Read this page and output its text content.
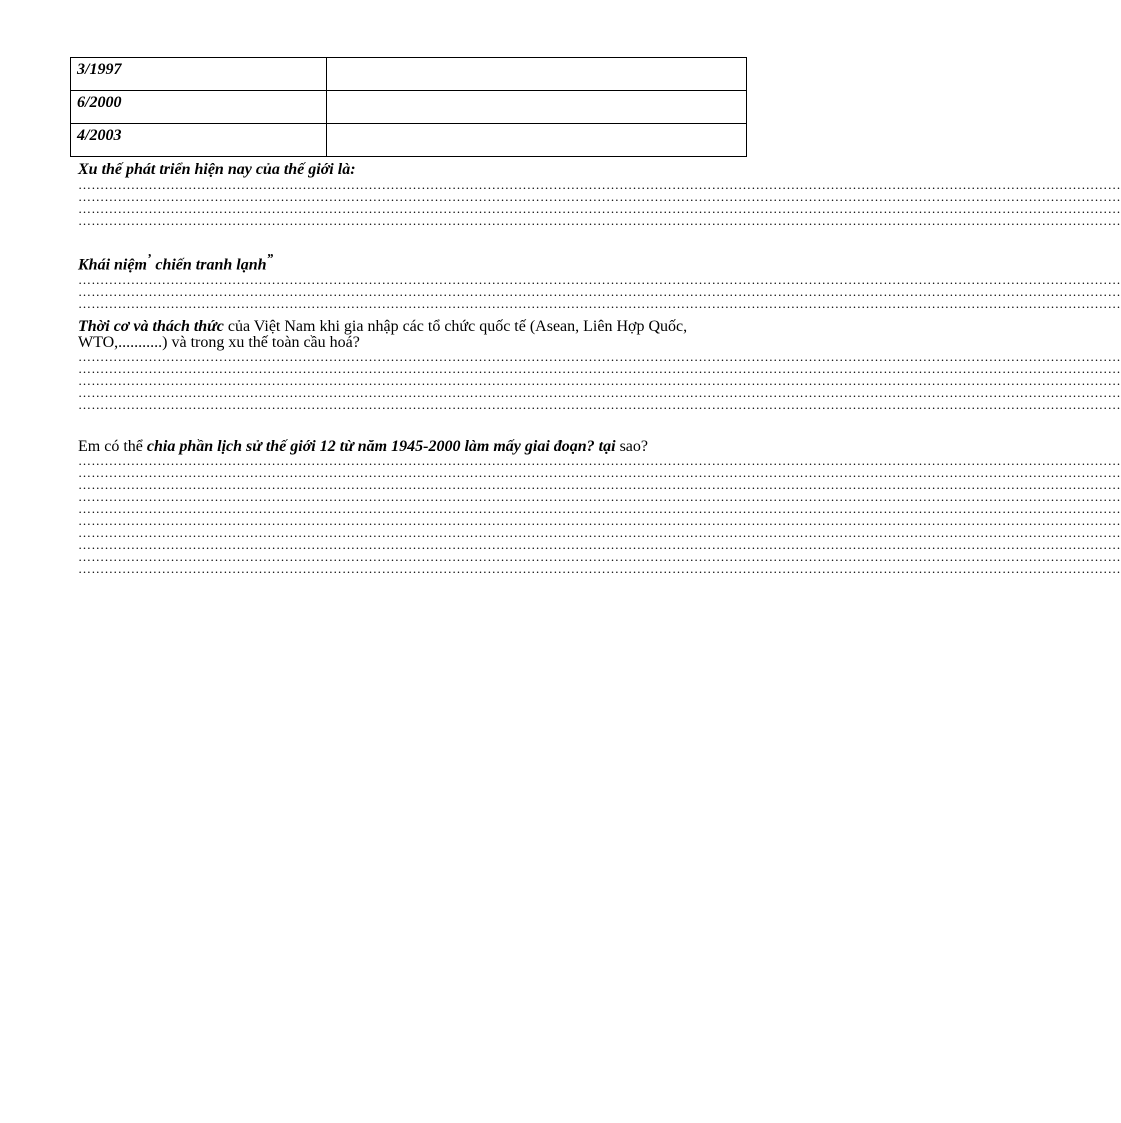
3/1997	
6/2000	
4/2003	
Xu thế phát triển hiện nay của thế giới là:
…………………………………………………………………………………………………………………………………………………………………………………………………………………
…………………………………………………………………………………………………………………………………………………………………………………………………………………
…………………………………………………………………………………………………………………………………………………………………………………………………………………
…………………………………………………………………………………………………………………………………………………………………………………………………………………
Khái niệm’ chiến tranh lạnh”
…………………………………………………………………………………………………………………………………………………………………………………………………………………
…………………………………………………………………………………………………………………………………………………………………………………………………………………
…………………………………………………………………………………………………………………………………………………………………………………………………………………
Thời cơ và thách thức của Việt Nam khi gia nhập các tổ chức quốc tế (Asean, Liên Hợp Quốc, WTO,...........) và trong xu thế toàn cầu hoá?
…………………………………………………………………………………………………………………………………………………………………………………………………………………
…………………………………………………………………………………………………………………………………………………………………………………………………………………
…………………………………………………………………………………………………………………………………………………………………………………………………………………
…………………………………………………………………………………………………………………………………………………………………………………………………………………
…………………………………………………………………………………………………………………………………………………………………………………………………………………
Em có thể chia phần lịch sử thế giới 12 từ năm 1945-2000 làm mấy giai đoạn? tại sao?
…………………………………………………………………………………………………………………………………………………………………………………………………………………
…………………………………………………………………………………………………………………………………………………………………………………………………………………
…………………………………………………………………………………………………………………………………………………………………………………………………………………
…………………………………………………………………………………………………………………………………………………………………………………………………………………
…………………………………………………………………………………………………………………………………………………………………………………………………………………
…………………………………………………………………………………………………………………………………………………………………………………………………………………
…………………………………………………………………………………………………………………………………………………………………………………………………………………
…………………………………………………………………………………………………………………………………………………………………………………………………………………
…………………………………………………………………………………………………………………………………………………………………………………………………………………
…………………………………………………………………………………………………………………………………………………………………………………………………………………
